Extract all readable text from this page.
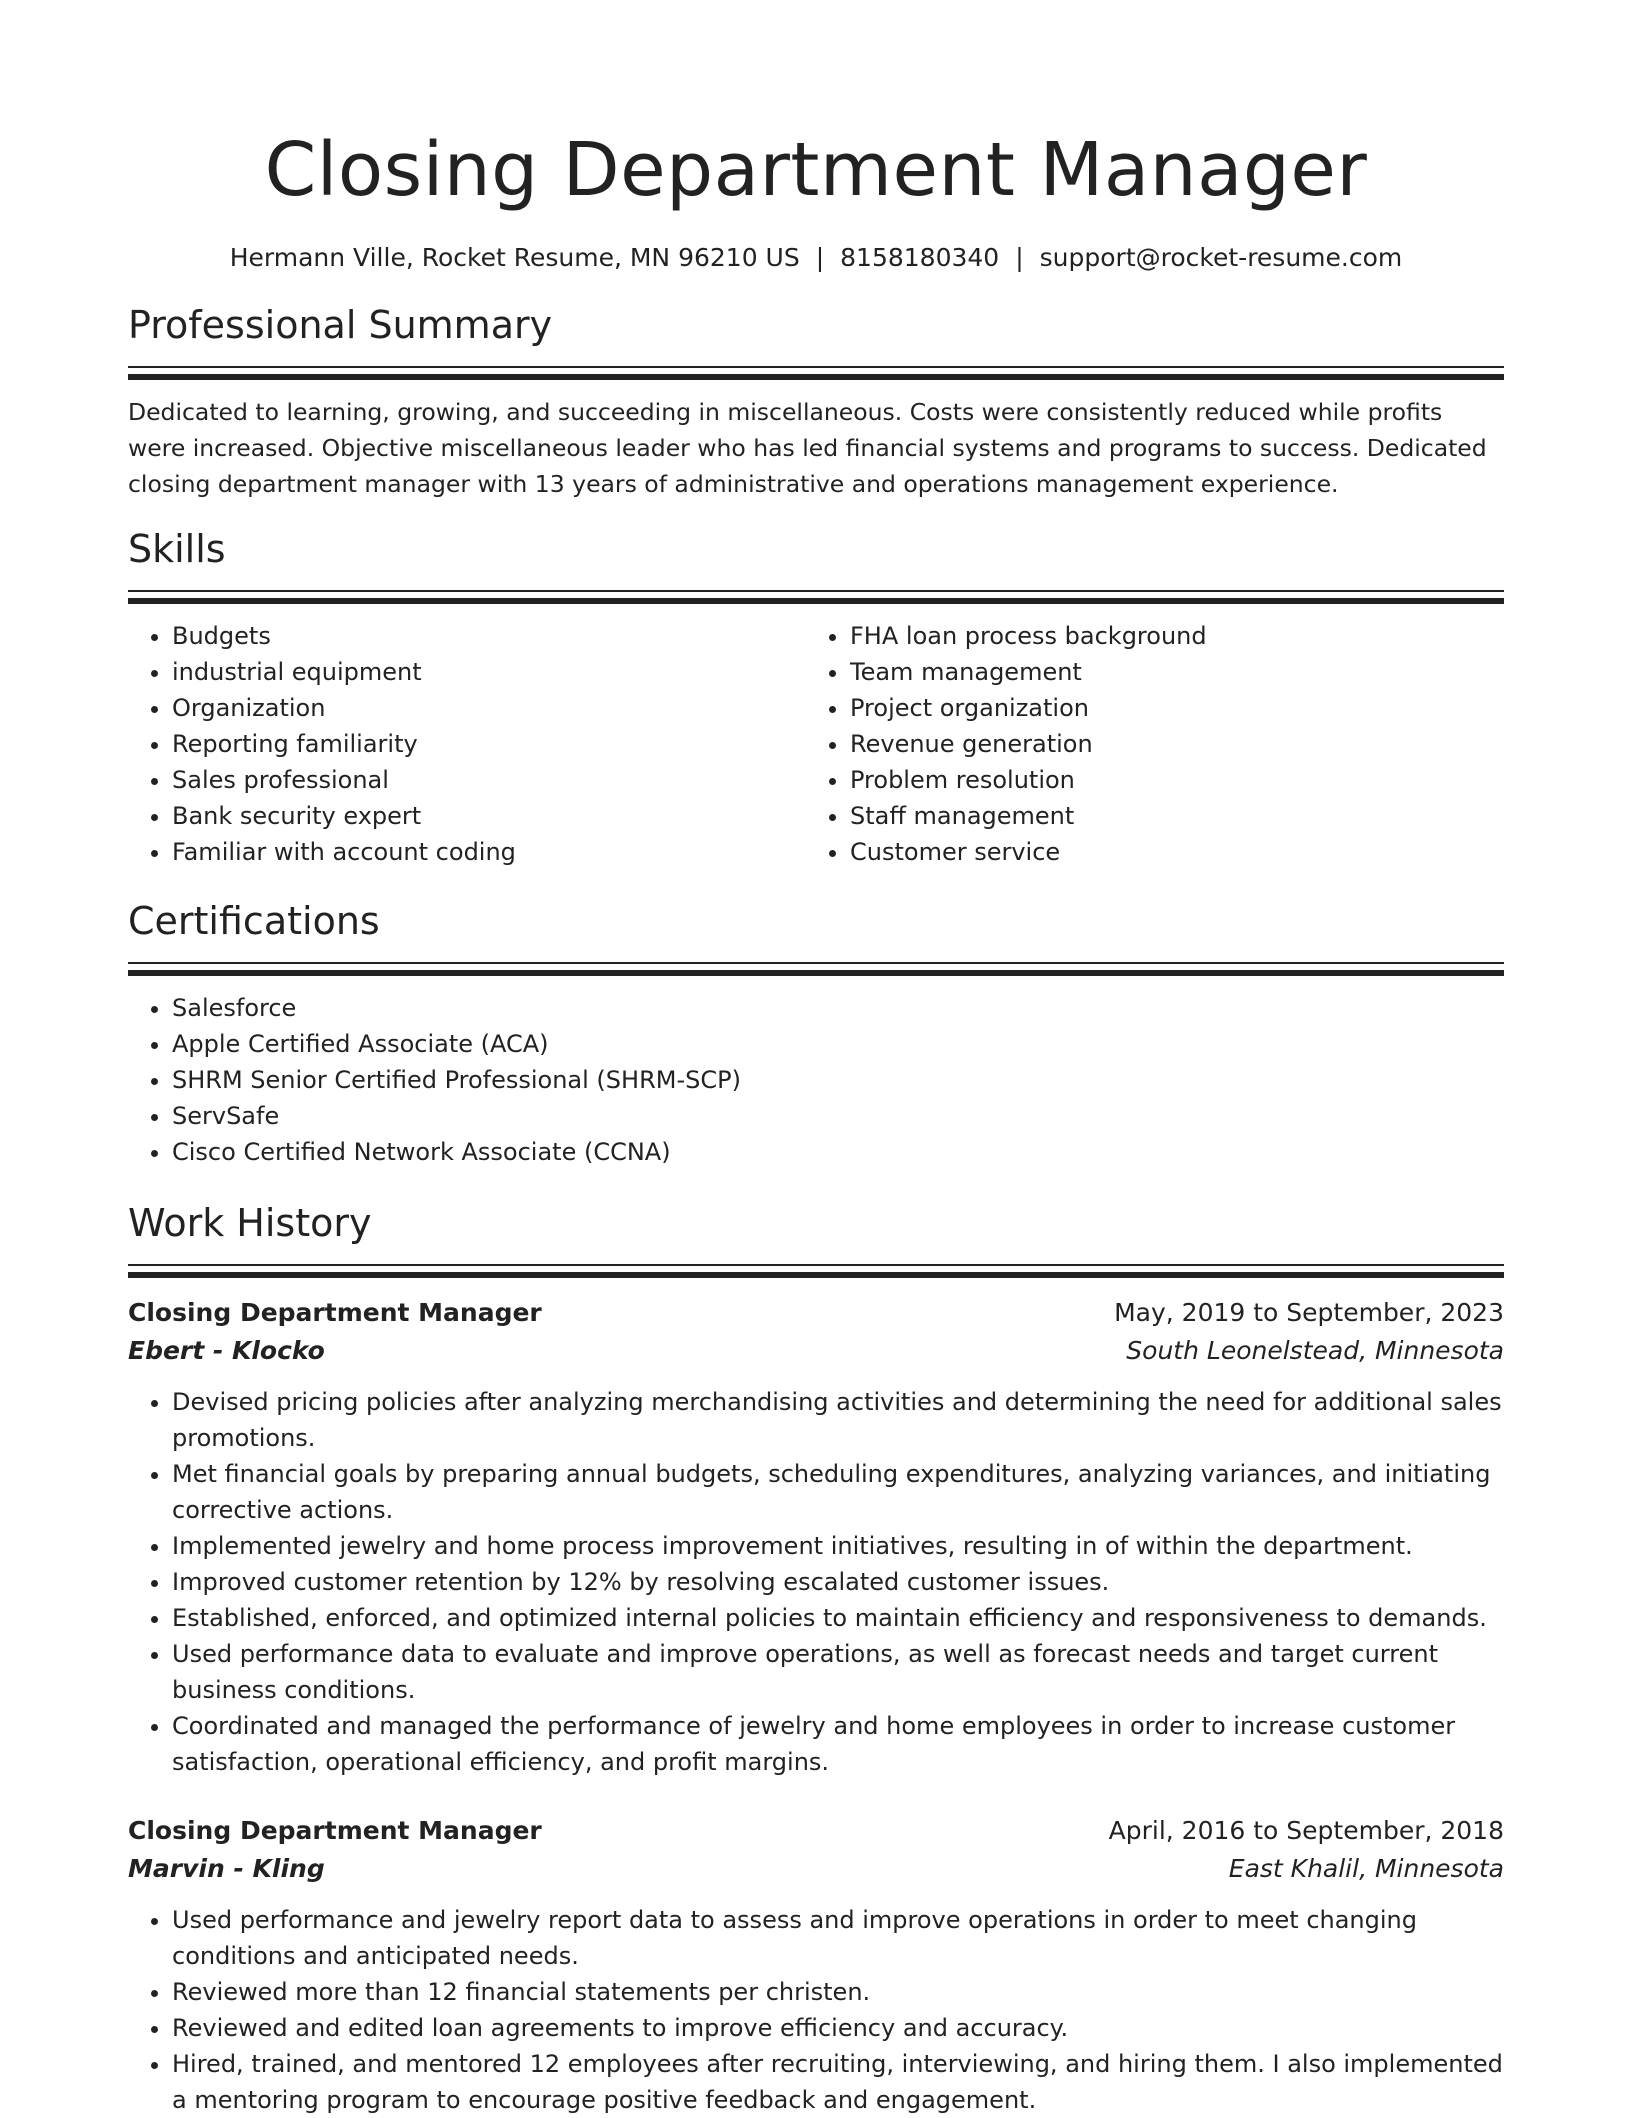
Closing Department Manager
Hermann Ville, Rocket Resume, MN 96210 US | 8158180340 | support@rocket-resume.com
Professional Summary

Dedicated to learning, growing, and succeeding in miscellaneous. Costs were consistently reduced while profits were increased. Objective miscellaneous leader who has led financial systems and programs to success. Dedicated closing department manager with 13 years of administrative and operations management experience.

Skills
• Budgets
• industrial equipment
• Organization
• Reporting familiarity
• Sales professional
• Bank security expert
• Familiar with account coding
• FHA loan process background
• Team management
• Project organization
• Revenue generation
• Problem resolution
• Staff management
• Customer service
Certifications
• Salesforce
• Apple Certified Associate (ACA)
• SHRM Senior Certified Professional (SHRM-SCP)
• ServSafe
• Cisco Certified Network Associate (CCNA)
Work History
Closing Department Manager	May, 2019 to September, 2023
Ebert - Klocko	South Leonelstead, Minnesota
• Devised pricing policies after analyzing merchandising activities and determining the need for additional sales promotions.
• Met financial goals by preparing annual budgets, scheduling expenditures, analyzing variances, and initiating corrective actions.
• Implemented jewelry and home process improvement initiatives, resulting in of within the department.
• Improved customer retention by 12% by resolving escalated customer issues.
• Established, enforced, and optimized internal policies to maintain efficiency and responsiveness to demands.
• Used performance data to evaluate and improve operations, as well as forecast needs and target current business conditions.
• Coordinated and managed the performance of jewelry and home employees in order to increase customer satisfaction, operational efficiency, and profit margins.
Closing Department Manager	April, 2016 to September, 2018
Marvin - Kling	East Khalil, Minnesota
• Used performance and jewelry report data to assess and improve operations in order to meet changing conditions and anticipated needs.
• Reviewed more than 12 financial statements per christen.
• Reviewed and edited loan agreements to improve efficiency and accuracy.
• Hired, trained, and mentored 12 employees after recruiting, interviewing, and hiring them. I also implemented a mentoring program to encourage positive feedback and engagement.
